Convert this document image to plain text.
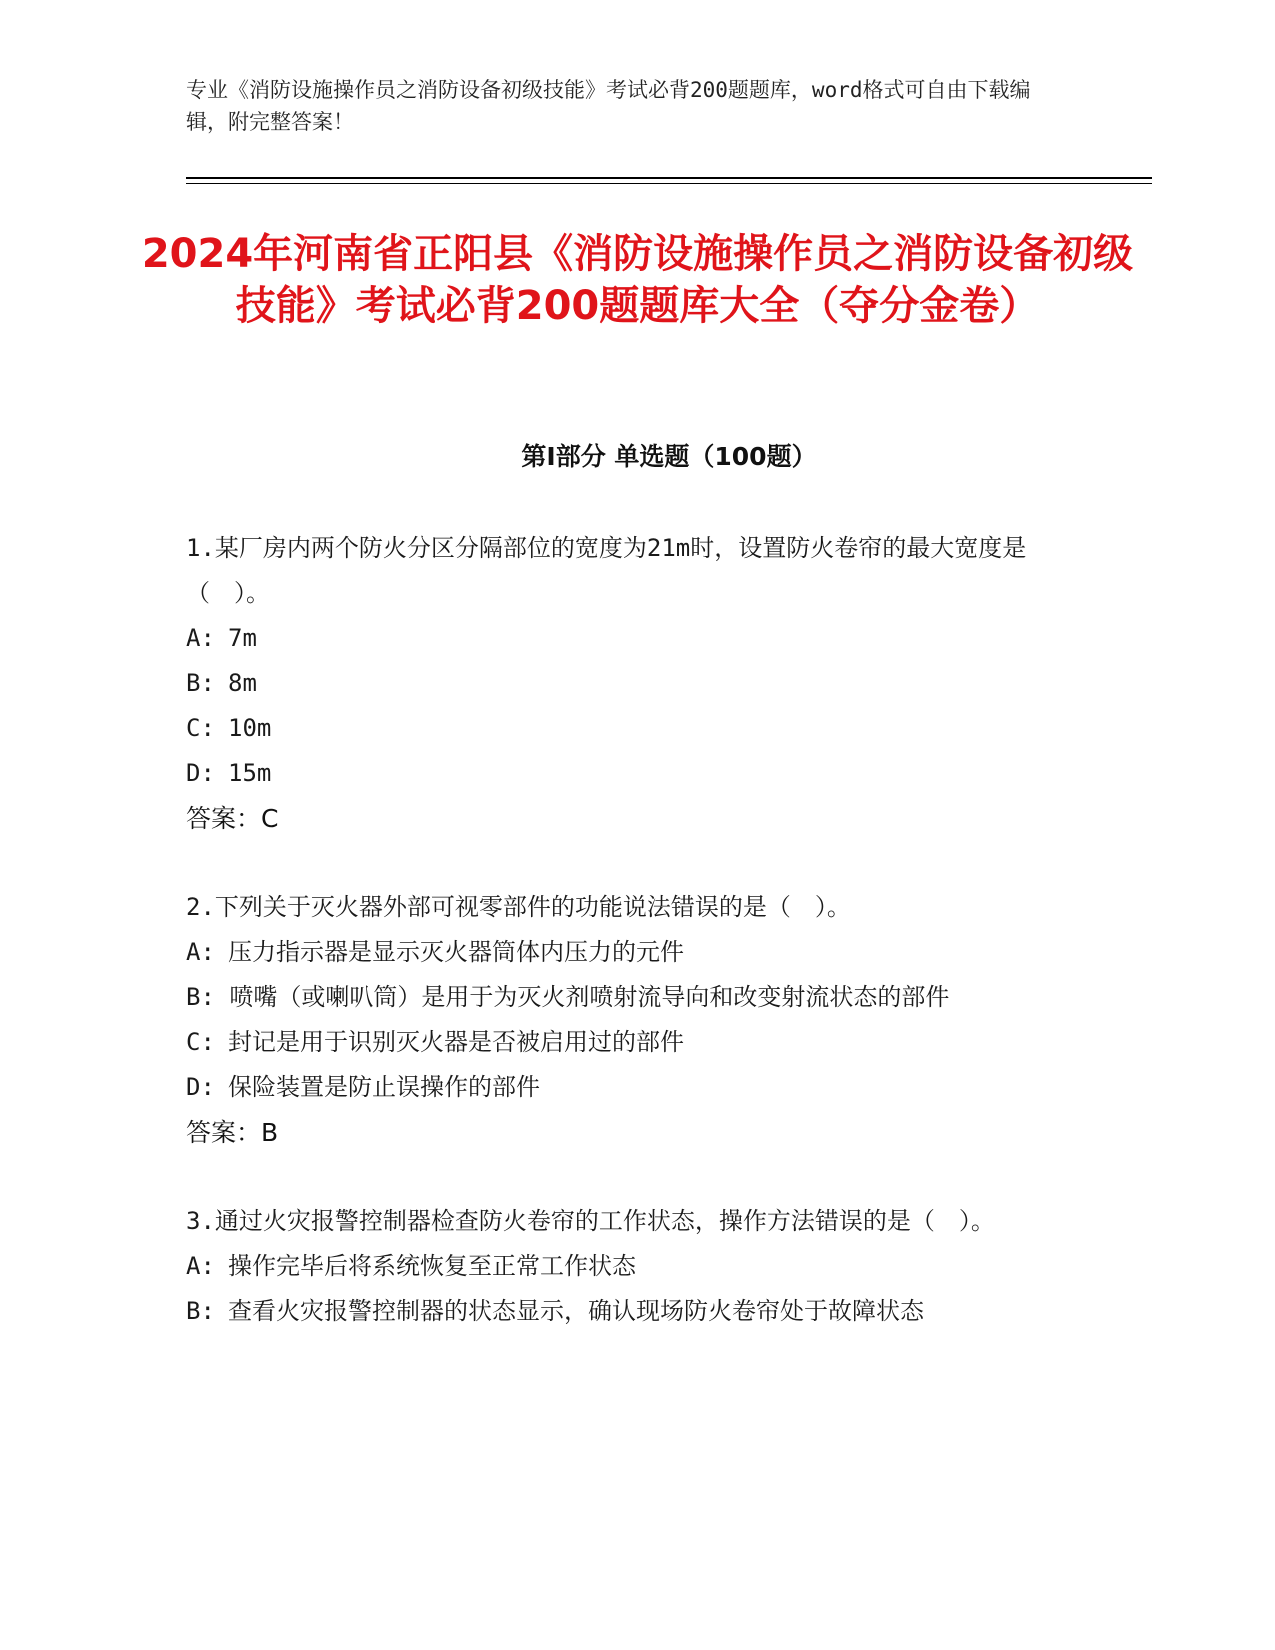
专业《消防设施操作员之消防设备初级技能》考试必背200题题库，word格式可自由下载编辑，附完整答案！

2024年河南省正阳县《消防设施操作员之消防设备初级技能》考试必背200题题库大全（夺分金卷）
第I部分 单选题（100题）

1.某厂房内两个防火分区分隔部位的宽度为21m时，设置防火卷帘的最大宽度是（　）。

A: 7m

B: 8m

C: 10m

D: 15m

答案：C

2.下列关于灭火器外部可视零部件的功能说法错误的是（　）。

A: 压力指示器是显示灭火器筒体内压力的元件

B: 喷嘴（或喇叭筒）是用于为灭火剂喷射流导向和改变射流状态的部件

C: 封记是用于识别灭火器是否被启用过的部件

D: 保险装置是防止误操作的部件

答案：B

3.通过火灾报警控制器检查防火卷帘的工作状态，操作方法错误的是（　）。

A: 操作完毕后将系统恢复至正常工作状态

B: 查看火灾报警控制器的状态显示，确认现场防火卷帘处于故障状态
